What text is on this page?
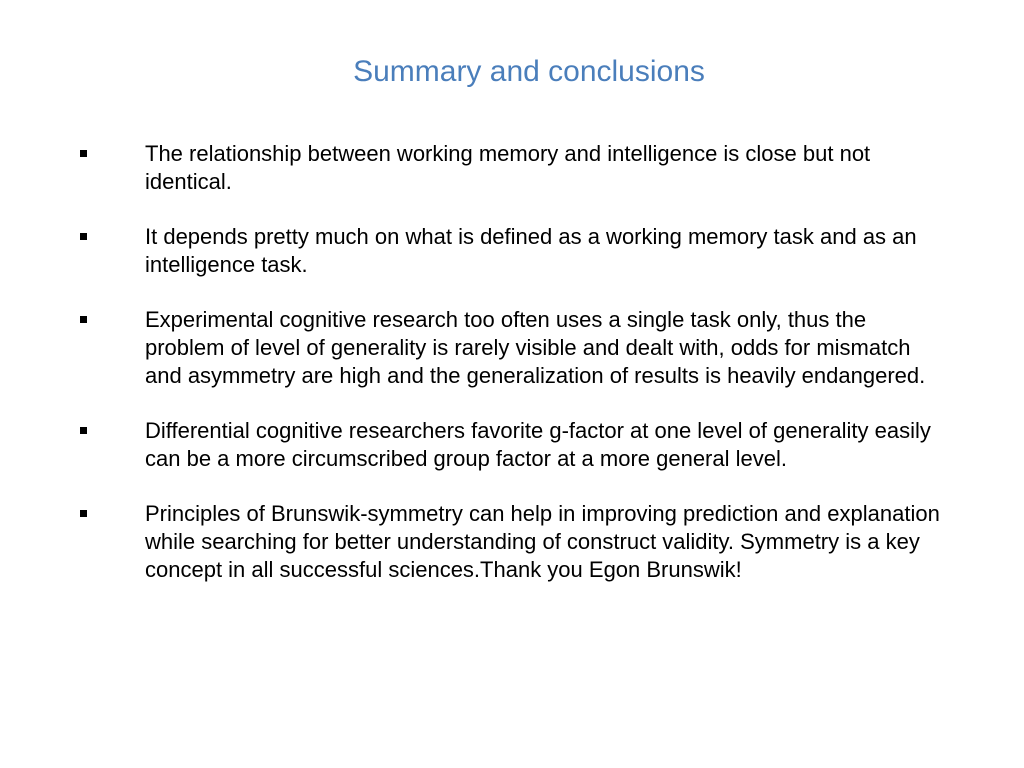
Summary and conclusions
The relationship between working memory and intelligence is close but not identical.
It depends pretty much on what is defined as a working memory task and as an intelligence task.
Experimental cognitive research too often uses a single task only, thus the problem of level of generality is rarely visible and dealt with, odds for mismatch and asymmetry are high and the generalization of results is heavily endangered.
Differential cognitive researchers favorite g-factor at one level of generality easily can be a more circumscribed group factor at a more general level.
Principles of Brunswik-symmetry can help in improving prediction and explanation while searching for better understanding of construct validity. Symmetry is a key concept in all successful sciences.Thank you Egon Brunswik!
